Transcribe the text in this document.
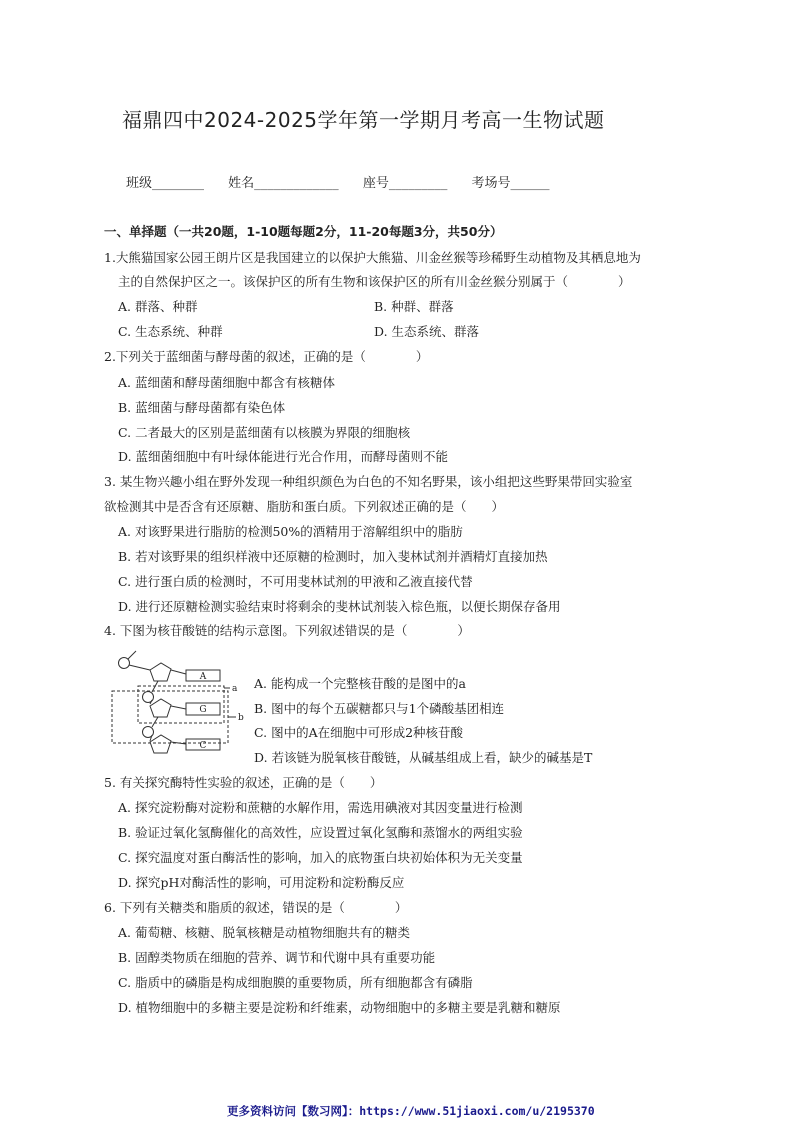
福鼎四中2024-2025学年第一学期月考高一生物试题
班级________ 姓名_____________ 座号_________ 考场号______
一、单择题（一共20题，1-10题每题2分，11-20每题3分，共50分）
1.大熊猫国家公园王朗片区是我国建立的以保护大熊猫、川金丝猴等珍稀野生动植物及其栖息地为
主的自然保护区之一。该保护区的所有生物和该保护区的所有川金丝猴分别属于（　　　　）
A. 群落、种群	B. 种群、群落
C. 生态系统、种群	D. 生态系统、群落
2.下列关于蓝细菌与酵母菌的叙述，正确的是（　　　　）
A. 蓝细菌和酵母菌细胞中都含有核糖体
B. 蓝细菌与酵母菌都有染色体
C. 二者最大的区别是蓝细菌有以核膜为界限的细胞核
D. 蓝细菌细胞中有叶绿体能进行光合作用，而酵母菌则不能
3. 某生物兴趣小组在野外发现一种组织颜色为白色的不知名野果，该小组把这些野果带回实验室
欲检测其中是否含有还原糖、脂肪和蛋白质。下列叙述正确的是（　　）
A. 对该野果进行脂肪的检测50%的酒精用于溶解组织中的脂肪
B. 若对该野果的组织样液中还原糖的检测时，加入斐林试剂并酒精灯直接加热
C. 进行蛋白质的检测时，不可用斐林试剂的甲液和乙液直接代替
D. 进行还原糖检测实验结束时将剩余的斐林试剂装入棕色瓶，以便长期保存备用
4. 下图为核苷酸链的结构示意图。下列叙述错误的是（　　　　）
A
G
C
a
b
A. 能构成一个完整核苷酸的是图中的a
B. 图中的每个五碳糖都只与1个磷酸基团相连
C. 图中的A在细胞中可形成2种核苷酸
D. 若该链为脱氧核苷酸链，从碱基组成上看，缺少的碱基是T
5. 有关探究酶特性实验的叙述，正确的是（　　）
A. 探究淀粉酶对淀粉和蔗糖的水解作用，需选用碘液对其因变量进行检测
B. 验证过氧化氢酶催化的高效性，应设置过氧化氢酶和蒸馏水的两组实验
C. 探究温度对蛋白酶活性的影响，加入的底物蛋白块初始体积为无关变量
D. 探究pH对酶活性的影响，可用淀粉和淀粉酶反应
6. 下列有关糖类和脂质的叙述，错误的是（　　　　）
A. 葡萄糖、核糖、脱氧核糖是动植物细胞共有的糖类
B. 固醇类物质在细胞的营养、调节和代谢中具有重要功能
C. 脂质中的磷脂是构成细胞膜的重要物质，所有细胞都含有磷脂
D. 植物细胞中的多糖主要是淀粉和纤维素，动物细胞中的多糖主要是乳糖和糖原
更多资料访问【数习网】：https://www.51jiaoxi.com/u/2195370
